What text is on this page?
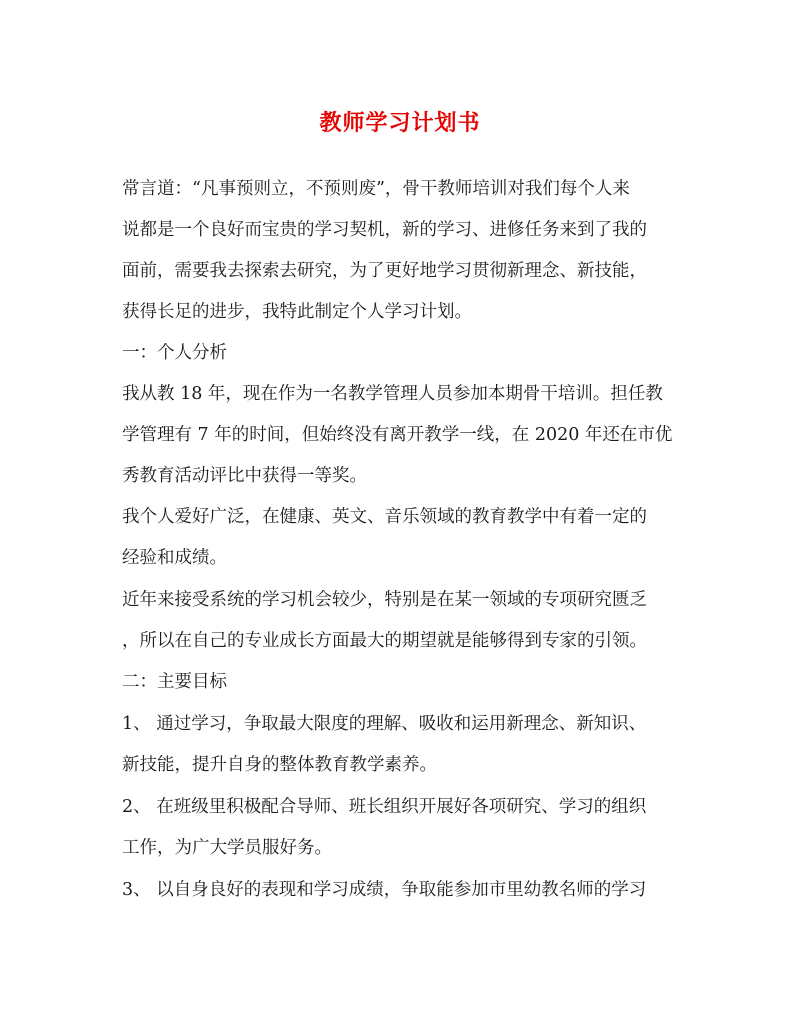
教师学习计划书
常言道：“凡事预则立，不预则废”，骨干教师培训对我们每个人来
说都是一个良好而宝贵的学习契机，新的学习、进修任务来到了我的
面前，需要我去探索去研究，为了更好地学习贯彻新理念、新技能，
获得长足的进步，我特此制定个人学习计划。
一：个人分析
我从教 18 年，现在作为一名教学管理人员参加本期骨干培训。担任教
学管理有 7 年的时间，但始终没有离开教学一线，在 2020 年还在市优
秀教育活动评比中获得一等奖。
我个人爱好广泛，在健康、英文、音乐领域的教育教学中有着一定的
经验和成绩。
近年来接受系统的学习机会较少，特别是在某一领域的专项研究匮乏
，所以在自己的专业成长方面最大的期望就是能够得到专家的引领。
二：主要目标
1、 通过学习，争取最大限度的理解、吸收和运用新理念、新知识、
新技能，提升自身的整体教育教学素养。
2、 在班级里积极配合导师、班长组织开展好各项研究、学习的组织
工作，为广大学员服好务。
3、 以自身良好的表现和学习成绩，争取能参加市里幼教名师的学习
